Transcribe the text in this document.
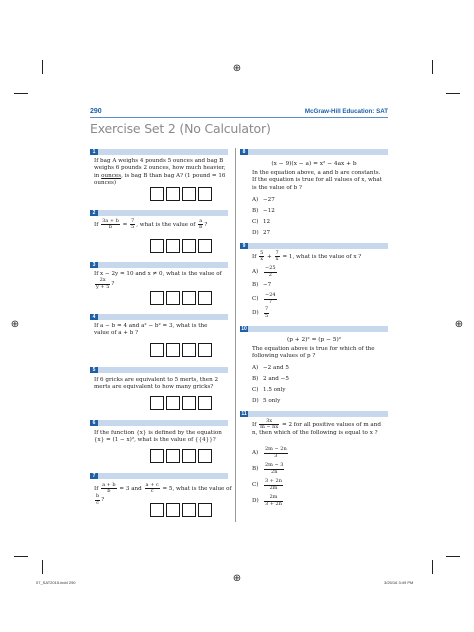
⊕
⊕	⊕
⊕
290	McGraw-Hill Education: SAT
Exercise Set 2 (No Calculator)
1
If bag A weighs 4 pounds 5 ounces and bag B weighs 6 pounds 2 ounces, how much heavier, in ounces, is bag B than bag A? (1 pound = 16 ounces)
2
If $\frac{3a + b}{b} = \frac{7}{5}$ , what is the value of $\frac{a}{b}$ ?
3
If x − 2y = 10 and x ≠ 0, what is the value of
$\frac{2x}{y + 5}$ ?
4
If a − b = 4 and a² − b² = 3, what is the value of a + b ?
5
If 6 gricks are equivalent to 5 merts, then 2 merts are equivalent to how many gricks?
6
If the function {x} is defined by the equation {x} = (1 − x)², what is the value of {{4}}?
7
If $\frac{a + b}{b} = 3$ and $\frac{a + c}{c} = 5$, what is the value of
$\frac{b}{c}$ ?
8
(x − 9)(x − a) = x² − 4ax + b
In the equation above, a and b are constants. If the equation is true for all values of x, what is the value of b ?
A) −27
B) −12
C) 12
D) 27
9
If $\frac{5}{x} + \frac{7}{x} = 1$, what is the value of x ?
A)	$\frac{-25}{2}$
B) −7
C)	$\frac{-24}{7}$
D)	$\frac{7}{5}$
10
(p + 2)² = (p − 5)²
The equation above is true for which of the following values of p ?
A) −2 and 5
B) 2 and −5
C) 1.5 only
D) 5 only
11
If $\frac{3x}{m - nx} = 2$ for all positive values of m and n, then which of the following is equal to x ?
A)	$\frac{2m - 2n}{3}$
B)	$\frac{2m - 3}{2n}$
C)	$\frac{3 + 2n}{2m}$
D)	$\frac{2m}{3 + 2n}$
07_SAT2015.indd 290	3/25/16 3:49 PM
